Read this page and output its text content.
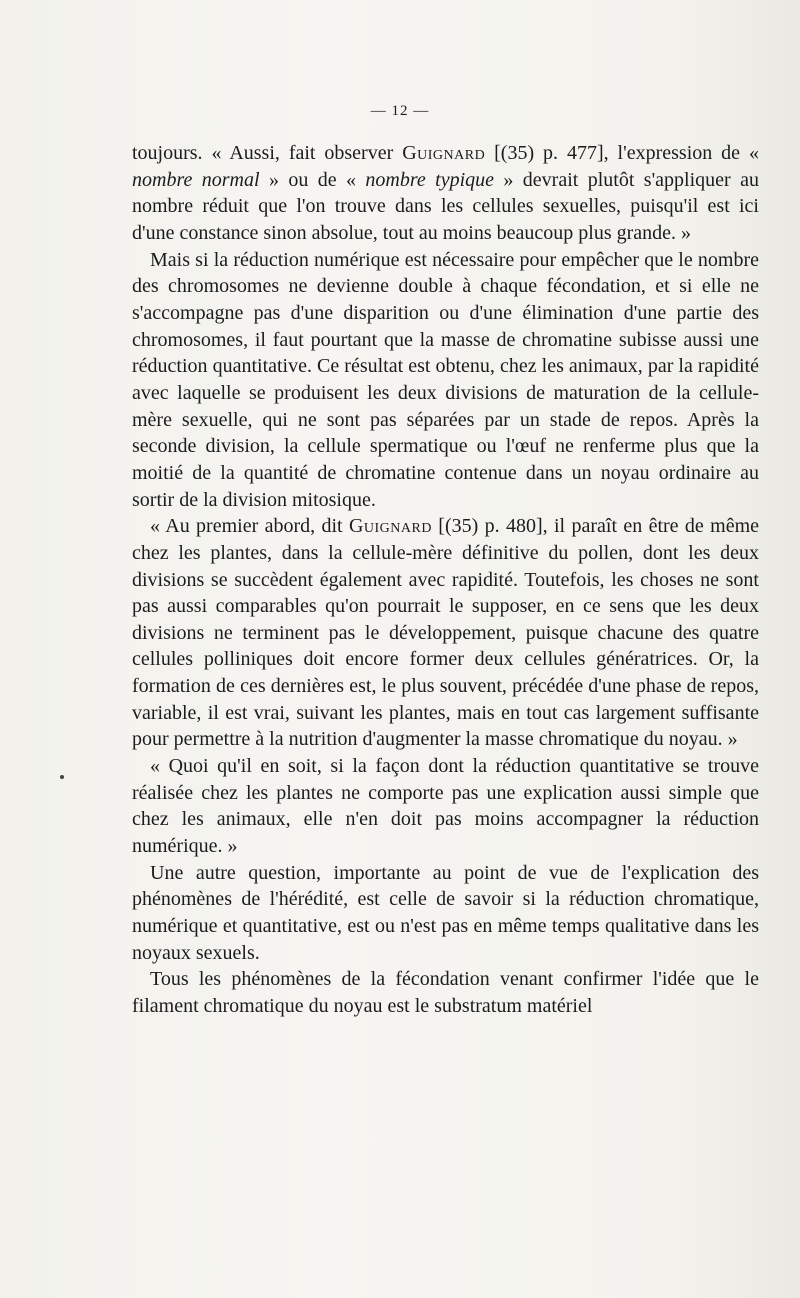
— 12 —

toujours. « Aussi, fait observer Guignard [(35) p. 477], l'expression de « nombre normal » ou de « nombre typique » devrait plutôt s'appliquer au nombre réduit que l'on trouve dans les cellules sexuelles, puisqu'il est ici d'une constance sinon absolue, tout au moins beaucoup plus grande. »

Mais si la réduction numérique est nécessaire pour empêcher que le nombre des chromosomes ne devienne double à chaque fécondation, et si elle ne s'accompagne pas d'une disparition ou d'une élimination d'une partie des chromosomes, il faut pourtant que la masse de chromatine subisse aussi une réduction quantitative. Ce résultat est obtenu, chez les animaux, par la rapidité avec laquelle se produisent les deux divisions de maturation de la cellule-mère sexuelle, qui ne sont pas séparées par un stade de repos. Après la seconde division, la cellule spermatique ou l'œuf ne renferme plus que la moitié de la quantité de chromatine contenue dans un noyau ordinaire au sortir de la division mitosique.

« Au premier abord, dit Guignard [(35) p. 480], il paraît en être de même chez les plantes, dans la cellule-mère définitive du pollen, dont les deux divisions se succèdent également avec rapidité. Toutefois, les choses ne sont pas aussi comparables qu'on pourrait le supposer, en ce sens que les deux divisions ne terminent pas le développement, puisque chacune des quatre cellules polliniques doit encore former deux cellules génératrices. Or, la formation de ces dernières est, le plus souvent, précédée d'une phase de repos, variable, il est vrai, suivant les plantes, mais en tout cas largement suffisante pour permettre à la nutrition d'augmenter la masse chromatique du noyau. »

« Quoi qu'il en soit, si la façon dont la réduction quantitative se trouve réalisée chez les plantes ne comporte pas une explication aussi simple que chez les animaux, elle n'en doit pas moins accompagner la réduction numérique. »

Une autre question, importante au point de vue de l'explication des phénomènes de l'hérédité, est celle de savoir si la réduction chromatique, numérique et quantitative, est ou n'est pas en même temps qualitative dans les noyaux sexuels.

Tous les phénomènes de la fécondation venant confirmer l'idée que le filament chromatique du noyau est le substratum matériel
